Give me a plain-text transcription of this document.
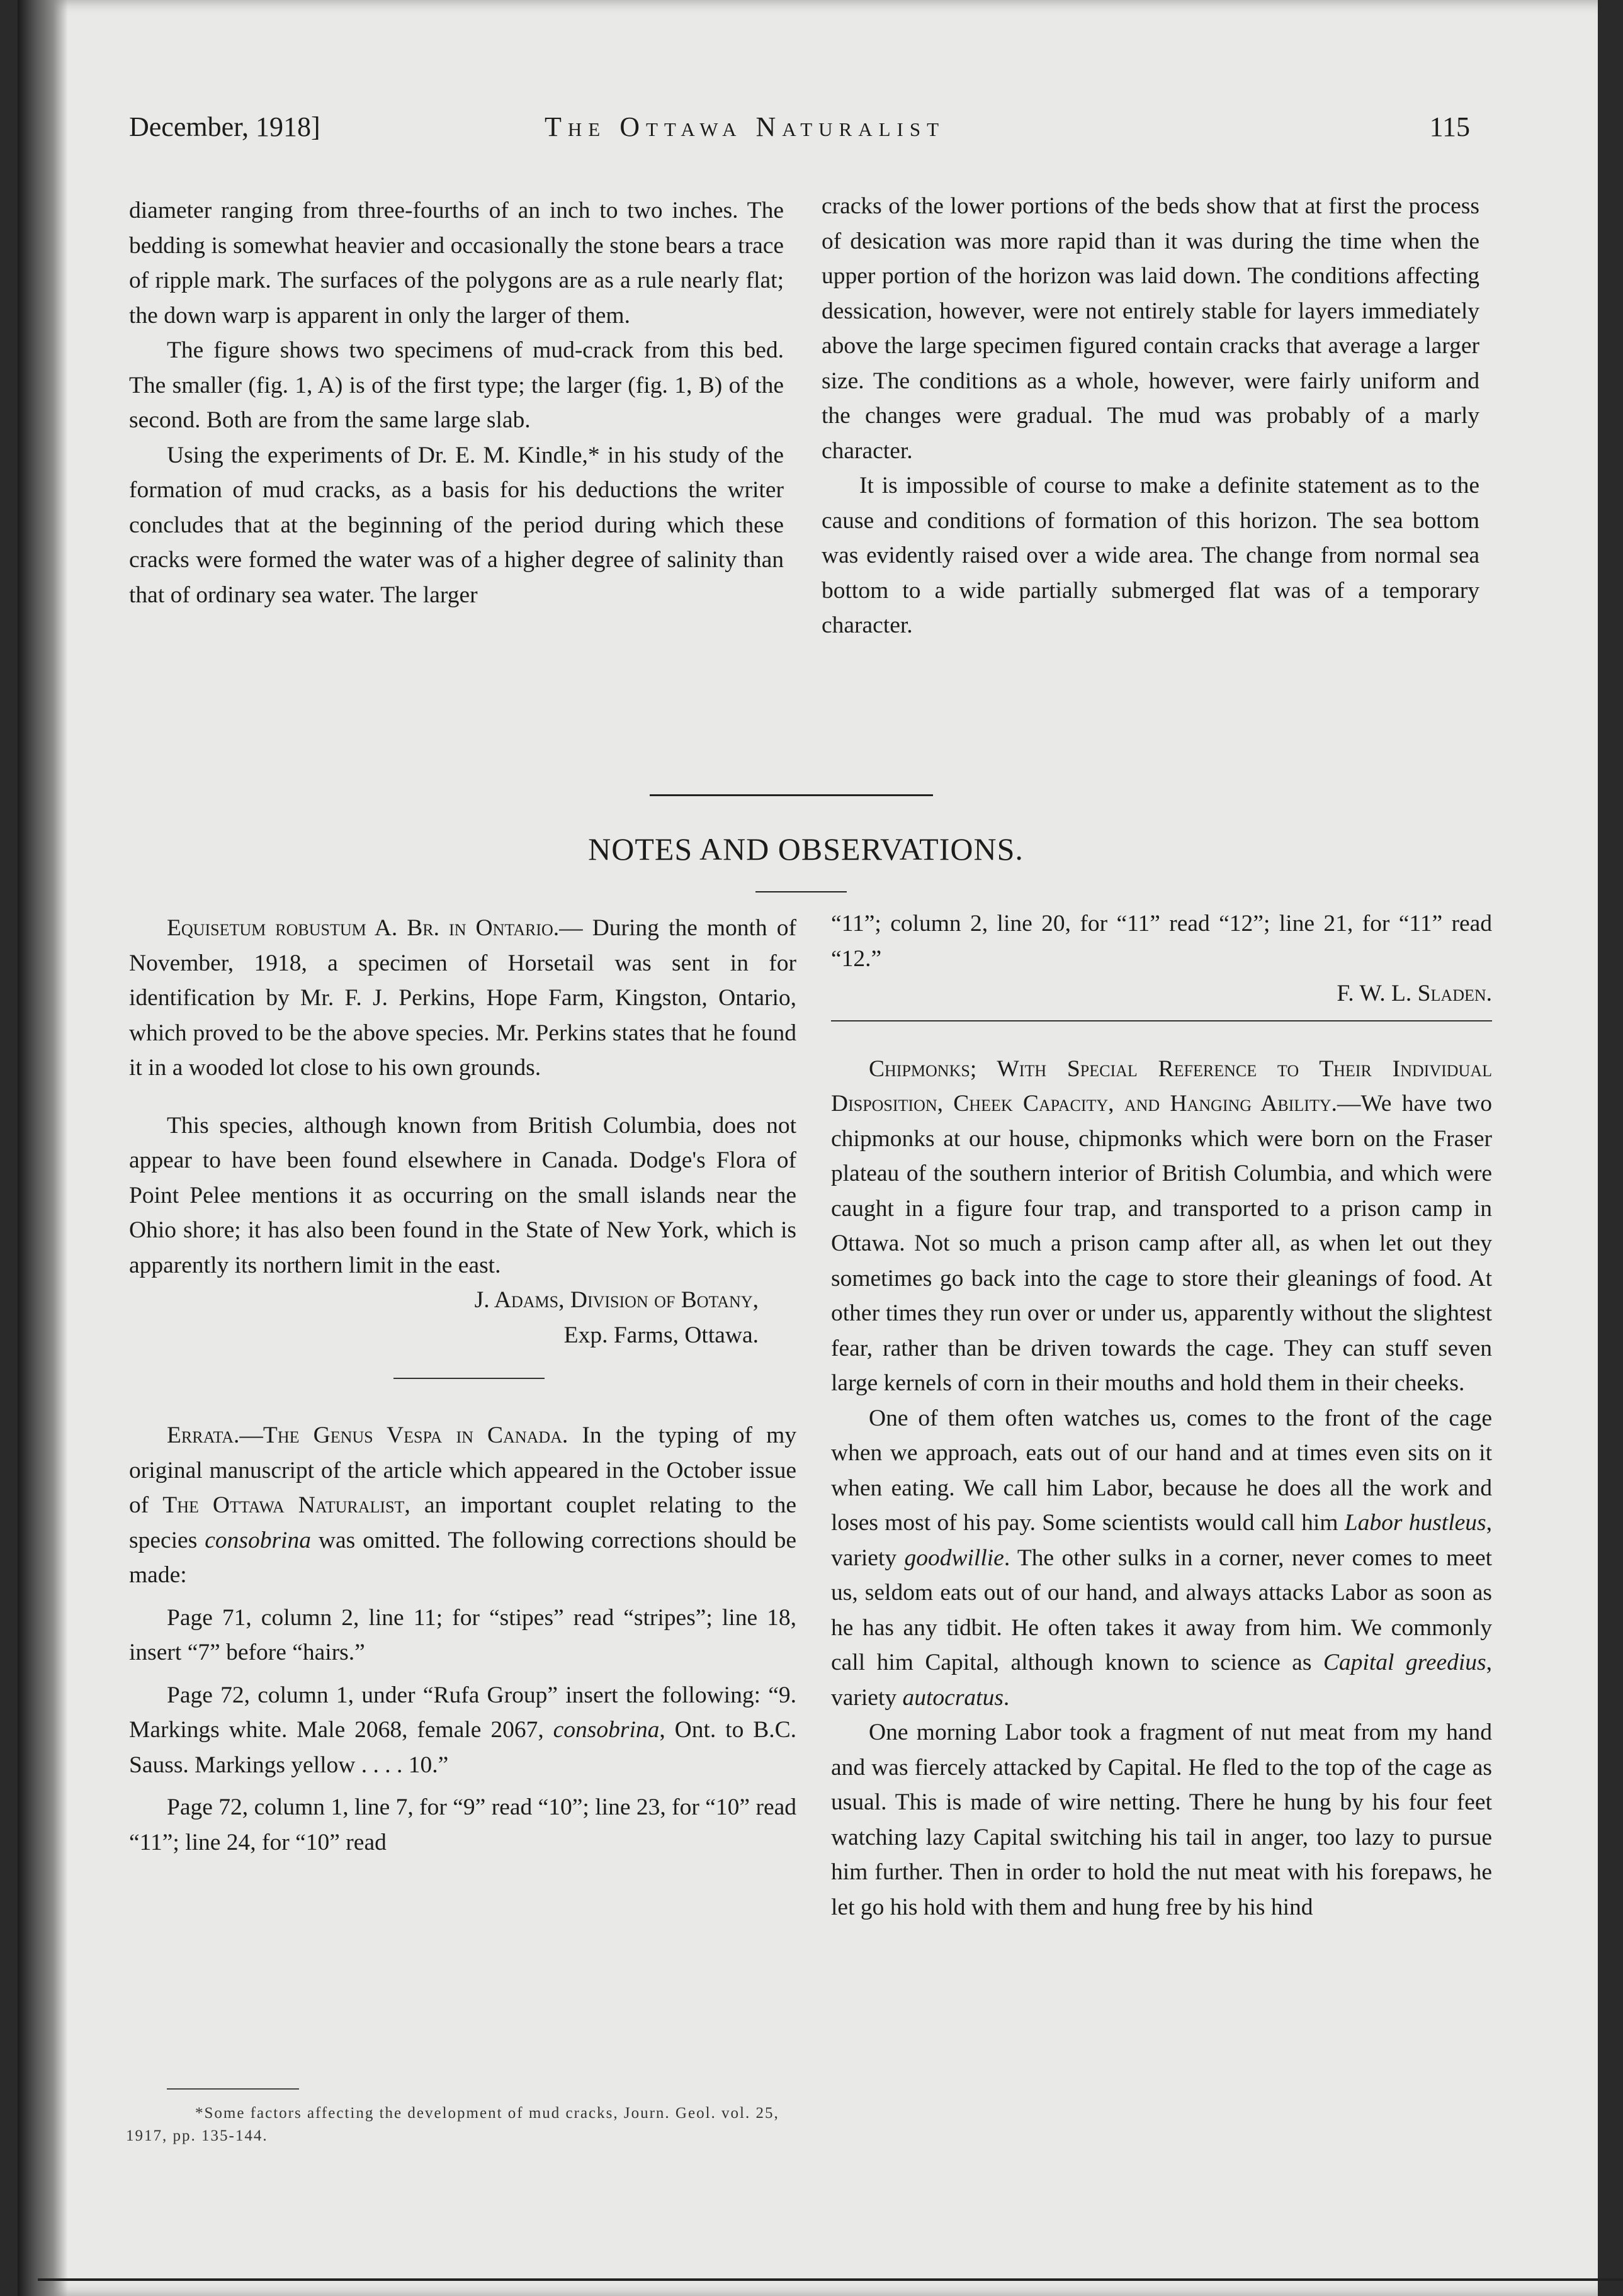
December, 1918]	The Ottawa Naturalist	115

diameter ranging from three-fourths of an inch to two inches. The bedding is somewhat heavier and occasionally the stone bears a trace of ripple mark. The surfaces of the polygons are as a rule nearly flat; the down warp is apparent in only the larger of them.

The figure shows two specimens of mud-crack from this bed. The smaller (fig. 1, A) is of the first type; the larger (fig. 1, B) of the second. Both are from the same large slab.

Using the experiments of Dr. E. M. Kindle,* in his study of the formation of mud cracks, as a basis for his deductions the writer concludes that at the beginning of the period during which these cracks were formed the water was of a higher degree of salinity than that of ordinary sea water. The larger

cracks of the lower portions of the beds show that at first the process of desication was more rapid than it was during the time when the upper portion of the horizon was laid down. The conditions affecting dessication, however, were not entirely stable for layers immediately above the large specimen figured contain cracks that average a larger size. The conditions as a whole, however, were fairly uniform and the changes were gradual. The mud was probably of a marly character.

It is impossible of course to make a definite statement as to the cause and conditions of formation of this horizon. The sea bottom was evidently raised over a wide area. The change from normal sea bottom to a wide partially submerged flat was of a temporary character.

NOTES AND OBSERVATIONS.

Equisetum robustum A. Br. in Ontario.— During the month of November, 1918, a specimen of Horsetail was sent in for identification by Mr. F. J. Perkins, Hope Farm, Kingston, Ontario, which proved to be the above species. Mr. Perkins states that he found it in a wooded lot close to his own grounds.

This species, although known from British Columbia, does not appear to have been found elsewhere in Canada. Dodge's Flora of Point Pelee mentions it as occurring on the small islands near the Ohio shore; it has also been found in the State of New York, which is apparently its northern limit in the east.

J. Adams, Division of Botany,

Exp. Farms, Ottawa.

Errata.—The Genus Vespa in Canada. In the typing of my original manuscript of the article which appeared in the October issue of The Ottawa Naturalist, an important couplet relating to the species consobrina was omitted. The following corrections should be made:

Page 71, column 2, line 11; for “stipes” read “stripes”; line 18, insert “7” before “hairs.”

Page 72, column 1, under “Rufa Group” insert the following: “9. Markings white. Male 2068, female 2067, consobrina, Ont. to B.C. Sauss. Markings yellow . . . . 10.”

Page 72, column 1, line 7, for “9” read “10”; line 23, for “10” read “11”; line 24, for “10” read

*Some factors affecting the development of mud cracks, Journ. Geol. vol. 25, 1917, pp. 135-144.

“11”; column 2, line 20, for “11” read “12”; line 21, for “11” read “12.”

F. W. L. Sladen.

Chipmonks; With Special Reference to Their Individual Disposition, Cheek Capacity, and Hanging Ability.—We have two chipmonks at our house, chipmonks which were born on the Fraser plateau of the southern interior of British Columbia, and which were caught in a figure four trap, and transported to a prison camp in Ottawa. Not so much a prison camp after all, as when let out they sometimes go back into the cage to store their gleanings of food. At other times they run over or under us, apparently without the slightest fear, rather than be driven towards the cage. They can stuff seven large kernels of corn in their mouths and hold them in their cheeks.

One of them often watches us, comes to the front of the cage when we approach, eats out of our hand and at times even sits on it when eating. We call him Labor, because he does all the work and loses most of his pay. Some scientists would call him Labor hustleus, variety goodwillie. The other sulks in a corner, never comes to meet us, seldom eats out of our hand, and always attacks Labor as soon as he has any tidbit. He often takes it away from him. We commonly call him Capital, although known to science as Capital greedius, variety autocratus.

One morning Labor took a fragment of nut meat from my hand and was fiercely attacked by Capital. He fled to the top of the cage as usual. This is made of wire netting. There he hung by his four feet watching lazy Capital switching his tail in anger, too lazy to pursue him further. Then in order to hold the nut meat with his forepaws, he let go his hold with them and hung free by his hind
